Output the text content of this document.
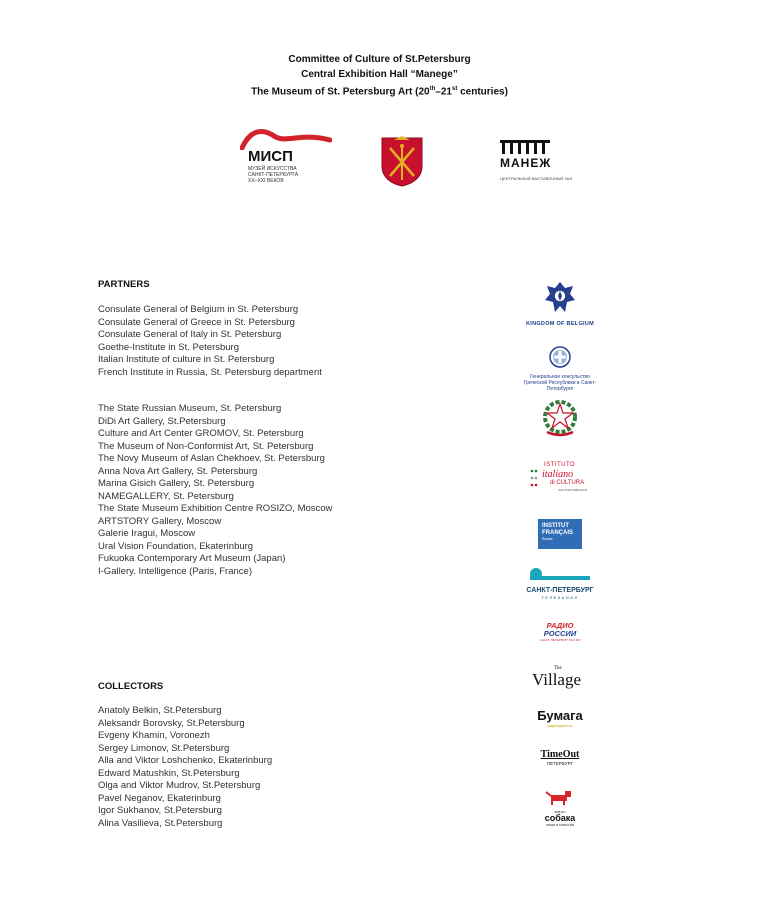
Committee of Culture of St.Petersburg
Central Exhibition Hall “Manege”
The Museum of St. Petersburg Art (20th–21st centuries)
МИСП
МУЗЕЙ ИСКУССТВА
САНКТ-ПЕТЕРБУРГА
XX–XXI ВЕКОВ
МАНЕЖ
ЦЕНТРАЛЬНЫЙ ВЫСТАВОЧНЫЙ ЗАЛ
PARTNERS
Consulate General of Belgium in St. Petersburg
Consulate General of Greece in St. Petersburg
Consulate General of Italy in St. Petersburg
Goethe-Institute in St. Petersburg
Italian Institute of culture in St. Petersburg
French Institute in Russia, St. Petersburg department
The State Russian Museum, St. Petersburg
DiDi Art Gallery, St.Petersburg
Culture and Art Center GROMOV, St. Petersburg
The Museum of Non-Conformist Art, St. Petersburg
The Novy Museum of Aslan Chekhoev, St. Petersburg
Anna Nova Art Gallery, St. Petersburg
Marina Gisich Gallery, St. Petersburg
NAMEGALLERY, St. Petersburg
The State Museum Exhibition Centre ROSIZO, Moscow
ARTSTORY Gallery, Moscow
Galerie Iragui, Moscow
Ural Vision Foundation, Ekaterinburg
Fukuoka Contemporary Art Museum (Japan)
I-Gallery. Intelligence (Paris, France)
COLLECTORS
Anatoly Belkin, St.Petersburg
Aleksandr Borovsky, St.Petersburg
Evgeny Khamin, Voronezh
Sergey Limonov, St.Petersburg
Alla and Viktor Loshchenko, Ekaterinburg
Edward Matushkin, St.Petersburg
Olga and Viktor Mudrov, St.Petersburg
Pavel Neganov, Ekaterinburg
Igor Sukhanov, St.Petersburg
Alina Vasilieva, St.Petersburg
KINGDOM OF BELGIUM
Генеральное консульство
Греческой Республики в Санкт-Петербурге
ISTITUTO
italiano
di CULTURA
SAN PIETROBURGO
INSTITUT
FRANÇAIS
Russie
САНКТ-ПЕТЕРБУРГ
ТЕЛЕКАНАЛ
РАДИО
РОССИИ
САНКТ-ПЕТЕРБУРГ 66,3 FM
The
Village
Бумага
paperpaper.ru
TimeOut
ПЕТЕРБУРГ
SPB.RU
собака
ЛЮДИ И СОБЫТИЯ
